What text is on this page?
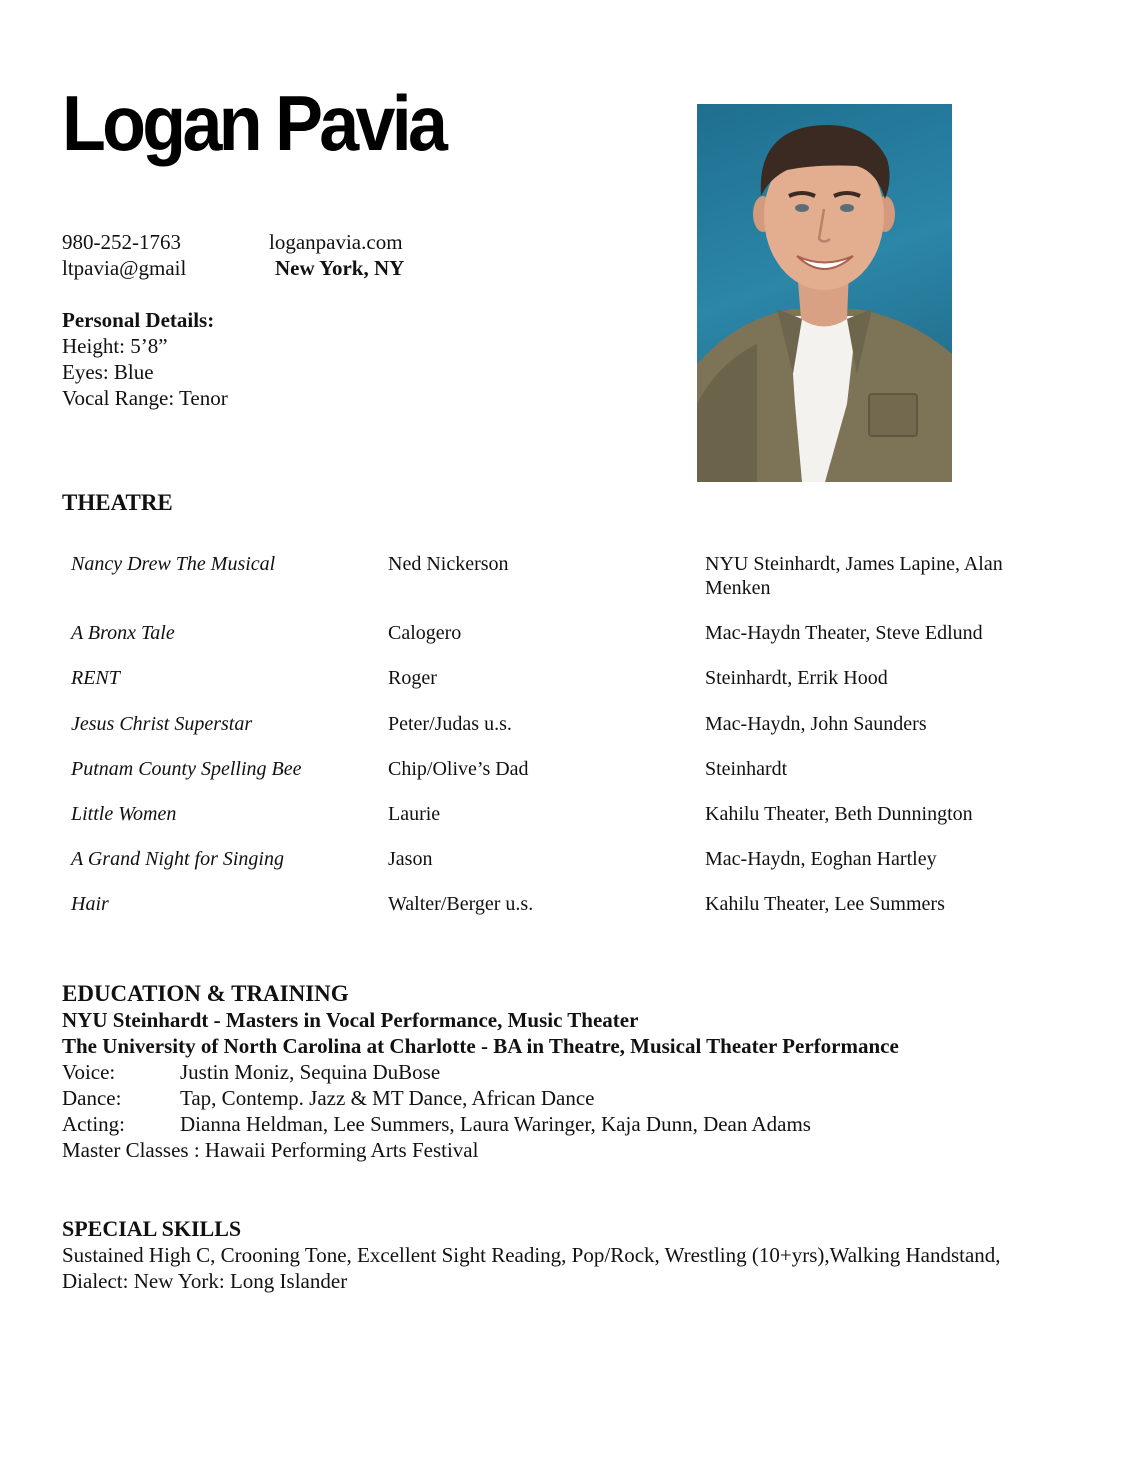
Logan Pavia
980-252-1763
ltpavia@gmail
loganpavia.com
New York, NY
Personal Details:
Height: 5’8”
Eyes: Blue
Vocal Range: Tenor
THEATRE
Nancy Drew The Musical	Ned Nickerson	NYU Steinhardt, James Lapine, Alan Menken
A Bronx Tale	Calogero	Mac-Haydn Theater, Steve Edlund
RENT	Roger	Steinhardt, Errik Hood
Jesus Christ Superstar	Peter/Judas u.s.	Mac-Haydn, John Saunders
Putnam County Spelling Bee	Chip/Olive’s Dad	Steinhardt
Little Women	Laurie	Kahilu Theater, Beth Dunnington
A Grand Night for Singing	Jason	Mac-Haydn, Eoghan Hartley
Hair	Walter/Berger u.s.	Kahilu Theater, Lee Summers
EDUCATION & TRAINING
NYU Steinhardt - Masters in Vocal Performance, Music Theater
The University of North Carolina at Charlotte - BA in Theatre, Musical Theater Performance
Voice:	Justin Moniz, Sequina DuBose
Dance:	Tap, Contemp. Jazz & MT Dance, African Dance
Acting:	Dianna Heldman, Lee Summers, Laura Waringer, Kaja Dunn, Dean Adams
Master Classes : Hawaii Performing Arts Festival
SPECIAL SKILLS
Sustained High C, Crooning Tone, Excellent Sight Reading, Pop/Rock, Wrestling (10+yrs),Walking Handstand, Dialect: New York: Long Islander
